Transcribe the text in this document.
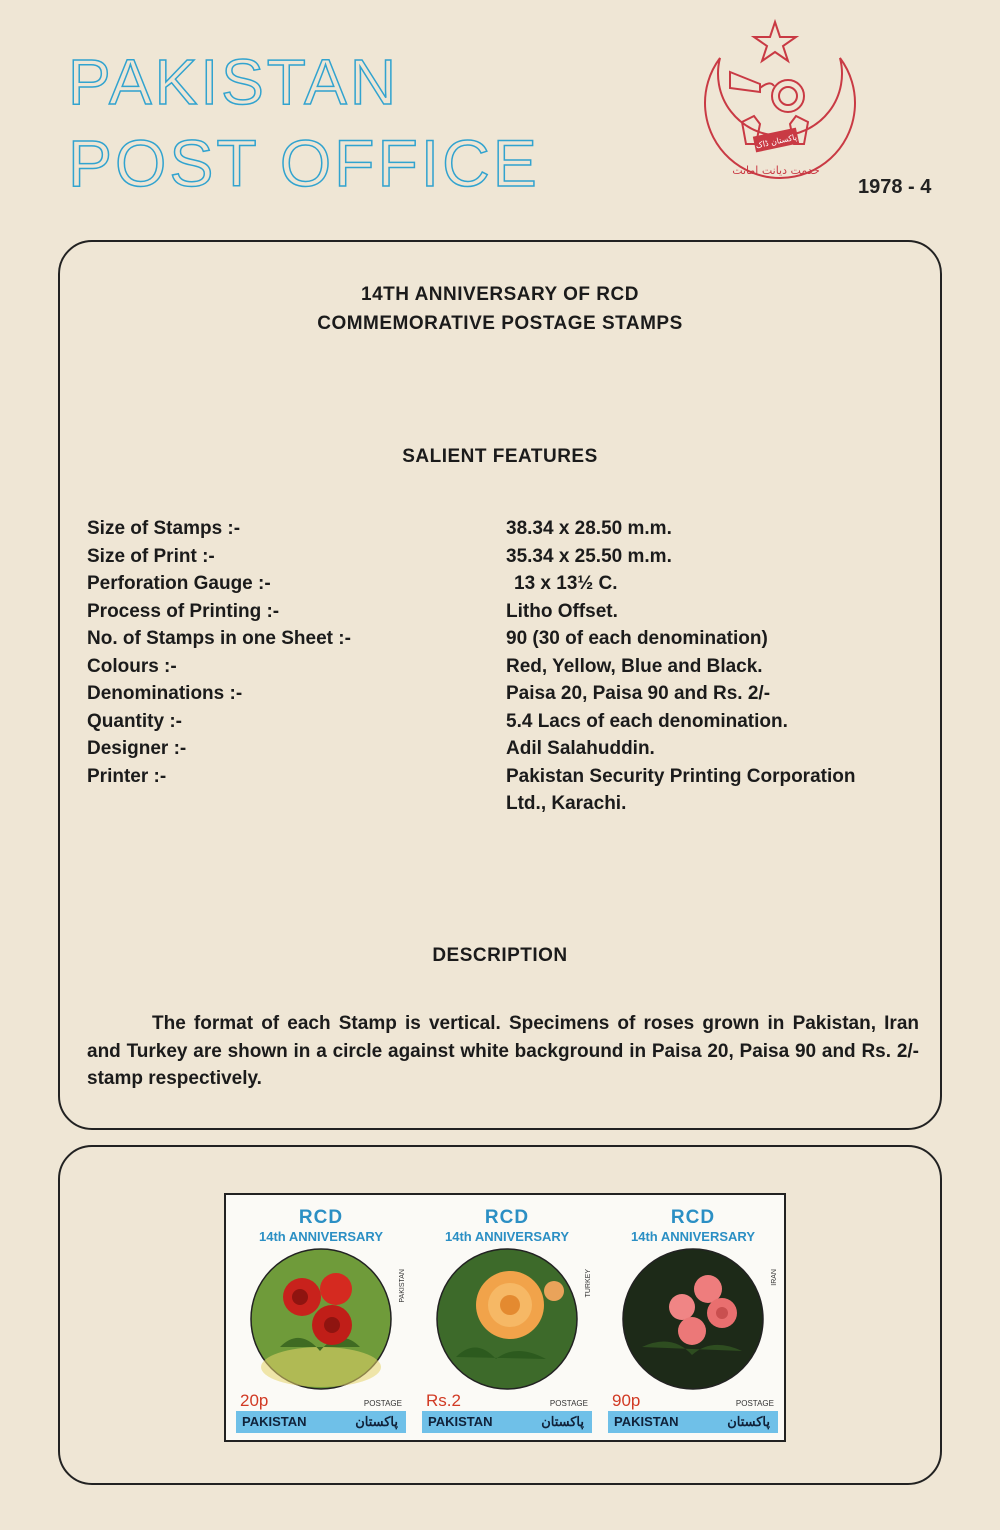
PAKISTAN
POST OFFICE	پاکستان ڈاک
خدمت دیانت امانت
1978 - 4
14TH ANNIVERSARY OF RCD
COMMEMORATIVE POSTAGE STAMPS
SALIENT FEATURES
Size of Stamps :-	38.34 x 28.50 m.m.
Size of Print :-	35.34 x 25.50 m.m.
Perforation Gauge :-	13 x 13½ C.
Process of Printing :-	Litho Offset.
No. of Stamps in one Sheet :-	90 (30 of each denomination)
Colours :-	Red, Yellow, Blue and Black.
Denominations :-	Paisa 20, Paisa 90 and Rs. 2/-
Quantity :-	5.4 Lacs of each denomination.
Designer :-	Adil Salahuddin.
Printer :-	Pakistan Security Printing Corporation
Ltd., Karachi.
DESCRIPTION

The format of each Stamp is vertical. Specimens of roses grown in Pakistan, Iran and Turkey are shown in a circle against white background in Paisa 20, Paisa 90 and Rs. 2/- stamp respectively.

RCD
14th ANNIVERSARY
PAKISTAN
20p	POSTAGE
PAKISTAN	پاکستان
RCD
14th ANNIVERSARY
TURKEY
Rs.2	POSTAGE
PAKISTAN	پاکستان
RCD
14th ANNIVERSARY
IRAN
90p	POSTAGE
PAKISTAN	پاکستان
